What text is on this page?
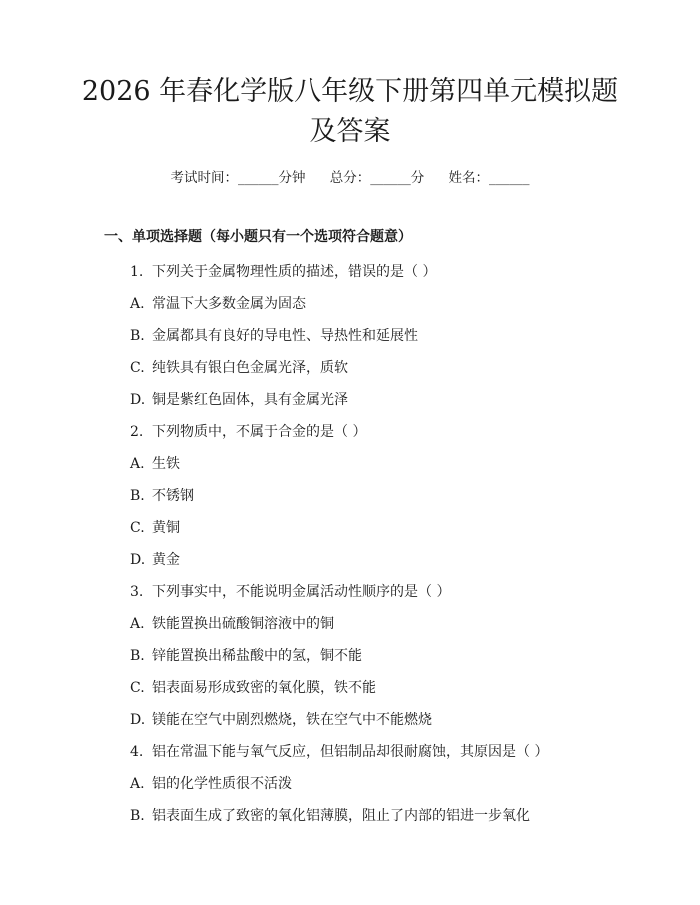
2026 年春化学版八年级下册第四单元模拟题
及答案
考试时间：______分钟 总分：______分 姓名：______
一、单项选择题（每小题只有一个选项符合题意）
1. 下列关于金属物理性质的描述，错误的是（ ）
A. 常温下大多数金属为固态
B. 金属都具有良好的导电性、导热性和延展性
C. 纯铁具有银白色金属光泽，质软
D. 铜是紫红色固体，具有金属光泽
2. 下列物质中，不属于合金的是（ ）
A. 生铁
B. 不锈钢
C. 黄铜
D. 黄金
3. 下列事实中，不能说明金属活动性顺序的是（ ）
A. 铁能置换出硫酸铜溶液中的铜
B. 锌能置换出稀盐酸中的氢，铜不能
C. 铝表面易形成致密的氧化膜，铁不能
D. 镁能在空气中剧烈燃烧，铁在空气中不能燃烧
4. 铝在常温下能与氧气反应，但铝制品却很耐腐蚀，其原因是（ ）
A. 铝的化学性质很不活泼
B. 铝表面生成了致密的氧化铝薄膜，阻止了内部的铝进一步氧化
